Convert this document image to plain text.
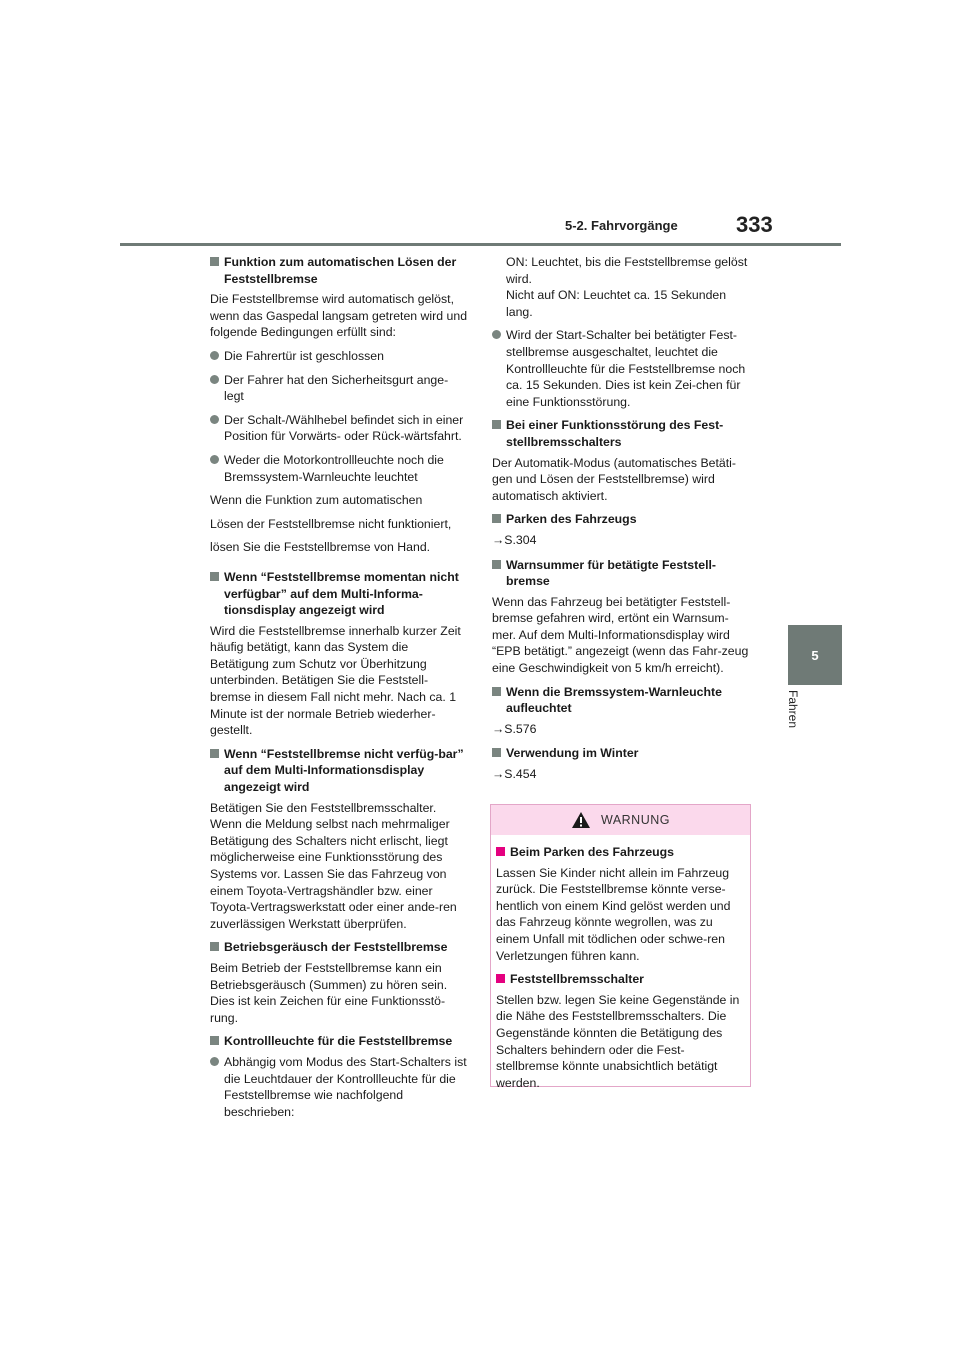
5-2. Fahrvorgänge	333
5
Fahren
Funktion zum automatischen Lösen der Feststellbremse

Die Feststellbremse wird automatisch gelöst, wenn das Gaspedal langsam getreten wird und folgende Bedingungen erfüllt sind:

Die Fahrertür ist geschlossen
Der Fahrer hat den Sicherheitsgurt ange-legt
Der Schalt-/Wählhebel befindet sich in einer Position für Vorwärts- oder Rück-wärtsfahrt.
Weder die Motorkontrollleuchte noch die Bremssystem-Warnleuchte leuchtet

Wenn die Funktion zum automatischen

Lösen der Feststellbremse nicht funktioniert,

lösen Sie die Feststellbremse von Hand.

Wenn “Feststellbremse momentan nicht verfügbar” auf dem Multi-Informa-tionsdisplay angezeigt wird

Wird die Feststellbremse innerhalb kurzer Zeit häufig betätigt, kann das System die Betätigung zum Schutz vor Überhitzung unterbinden. Betätigen Sie die Feststell-bremse in diesem Fall nicht mehr. Nach ca. 1 Minute ist der normale Betrieb wiederher-gestellt.

Wenn “Feststellbremse nicht verfüg-bar” auf dem Multi-Informationsdisplay angezeigt wird

Betätigen Sie den Feststellbremsschalter. Wenn die Meldung selbst nach mehrmaliger Betätigung des Schalters nicht erlischt, liegt möglicherweise eine Funktionsstörung des Systems vor. Lassen Sie das Fahrzeug von einem Toyota-Vertragshändler bzw. einer Toyota-Vertragswerkstatt oder einer ande-ren zuverlässigen Werkstatt überprüfen.

Betriebsgeräusch der Feststellbremse

Beim Betrieb der Feststellbremse kann ein Betriebsgeräusch (Summen) zu hören sein. Dies ist kein Zeichen für eine Funktionsstö-rung.

Kontrollleuchte für die Feststellbremse
Abhängig vom Modus des Start-Schalters ist die Leuchtdauer der Kontrollleuchte für die Feststellbremse wie nachfolgend beschrieben:

ON: Leuchtet, bis die Feststellbremse gelöst wird.

Nicht auf ON: Leuchtet ca. 15 Sekunden lang.

Wird der Start-Schalter bei betätigter Fest-stellbremse ausgeschaltet, leuchtet die Kontrollleuchte für die Feststellbremse noch ca. 15 Sekunden. Dies ist kein Zei-chen für eine Funktionsstörung.
Bei einer Funktionsstörung des Fest-stellbremsschalters

Der Automatik-Modus (automatisches Betäti-gen und Lösen der Feststellbremse) wird automatisch aktiviert.

Parken des Fahrzeugs

→S.304

Warnsummer für betätigte Feststell-bremse

Wenn das Fahrzeug bei betätigter Feststell-bremse gefahren wird, ertönt ein Warnsum-mer. Auf dem Multi-Informationsdisplay wird “EPB betätigt.” angezeigt (wenn das Fahr-zeug eine Geschwindigkeit von 5 km/h erreicht).

Wenn die Bremssystem-Warnleuchte aufleuchtet

→S.576

Verwendung im Winter

→S.454

WARNUNG
Beim Parken des Fahrzeugs

Lassen Sie Kinder nicht allein im Fahrzeug zurück. Die Feststellbremse könnte verse-hentlich von einem Kind gelöst werden und das Fahrzeug könnte wegrollen, was zu einem Unfall mit tödlichen oder schwe-ren Verletzungen führen kann.

Feststellbremsschalter

Stellen bzw. legen Sie keine Gegenstände in die Nähe des Feststellbremsschalters. Die Gegenstände könnten die Betätigung des Schalters behindern oder die Fest-stellbremse könnte unabsichtlich betätigt werden.
